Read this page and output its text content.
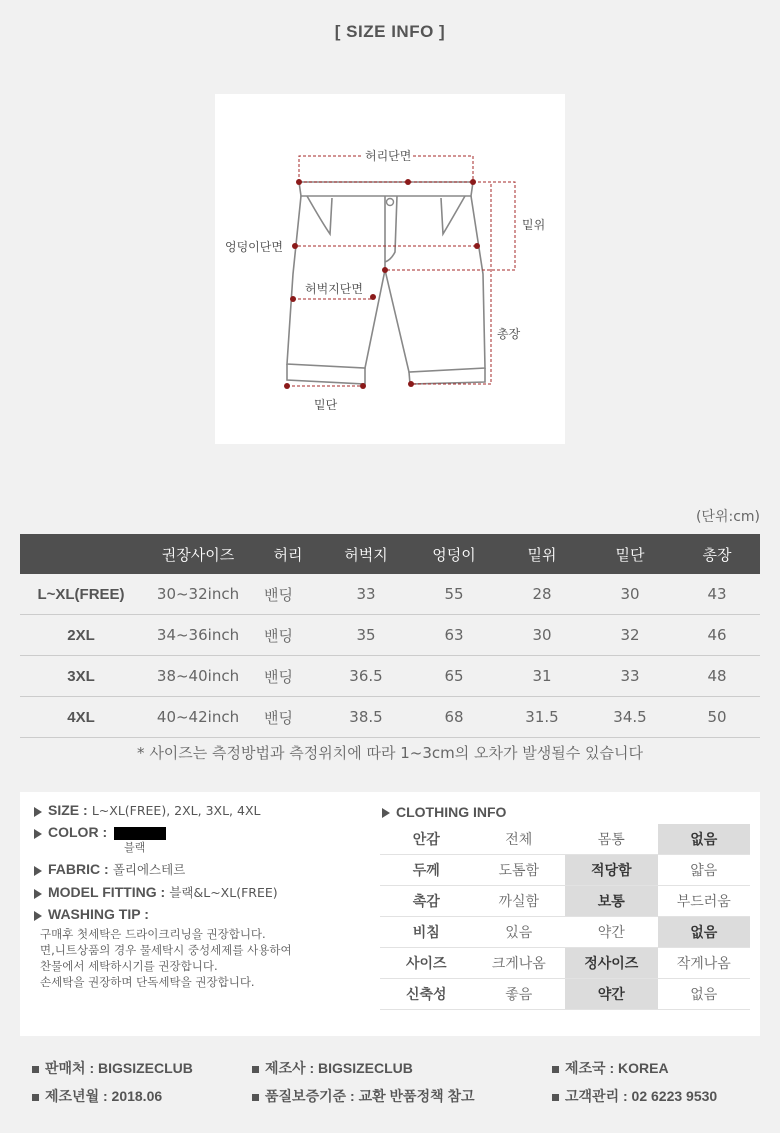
[ SIZE INFO ]
허리단면
밑위
엉덩이단면
허벅지단면
총장
밑단
(단위:cm)
	권장사이즈	허리	허벅지	엉덩이	밑위	밑단	총장
L~XL(FREE)	30~32inch	밴딩	33	55	28	30	43
2XL	34~36inch	밴딩	35	63	30	32	46
3XL	38~40inch	밴딩	36.5	65	31	33	48
4XL	40~42inch	밴딩	38.5	68	31.5	34.5	50
* 사이즈는 측정방법과 측정위치에 따라 1~3cm의 오차가 발생될수 있습니다
SIZE : L~XL(FREE), 2XL, 3XL, 4XL
COLOR :
블랙
FABRIC : 폴리에스테르
MODEL FITTING : 블랙&L~XL(FREE)
WASHING TIP :
구매후 첫세탁은 드라이크리닝을 권장합니다.
면,니트상품의 경우 물세탁시 중성세제를 사용하여
찬물에서 세탁하시기를 권장합니다.
손세탁을 권장하며 단독세탁을 권장합니다.
CLOTHING INFO
안감	전체	몸통	없음
두께	도톰함	적당함	얇음
촉감	까실함	보통	부드러움
비침	있음	약간	없음
사이즈	크게나옴	정사이즈	작게나옴
신축성	좋음	약간	없음
판매처 : BIGSIZECLUB	제조사 : BIGSIZECLUB	제조국 : KOREA
제조년월 : 2018.06	품질보증기준 : 교환 반품정책 참고	고객관리 : 02 6223 9530
